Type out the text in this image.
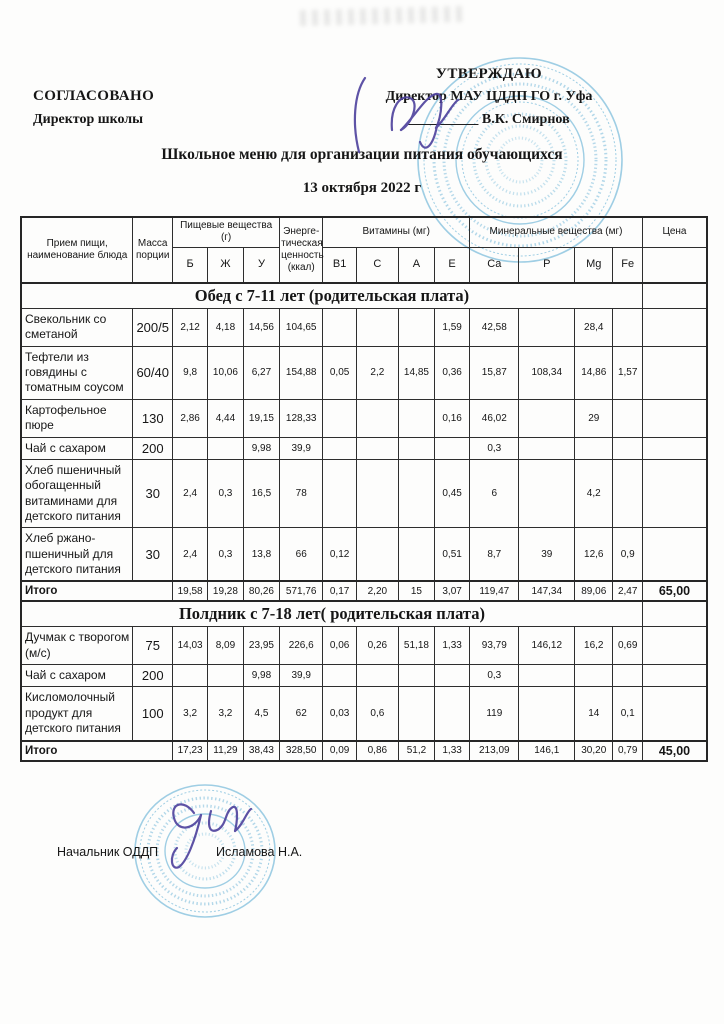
СОГЛАСОВАНО
Директор школы
УТВЕРЖДАЮ
Директор МАУ ЦДДП ГО г. Уфа
__________ В.К. Смирнов
Школьное меню для организации питания обучающихся
13 октября 2022 г
Прием пищи, наименование блюда	Масса порции	Пищевые вещества (г)			Энерге-тическая ценность (ккал)	Витамины (мг)				Минеральные вещества (мг)				Цена
		Б	Ж	У		В1	С	А	Е	Са	Р	Mg	Fe	
Обед с 7-11 лет (родительская плата)														
Свекольник со сметаной	200/5	2,12	4,18	14,56	104,65				1,59	42,58		28,4		
Тефтели из говядины с томатным соусом	60/40	9,8	10,06	6,27	154,88	0,05	2,2	14,85	0,36	15,87	108,34	14,86	1,57	
Картофельное пюре	130	2,86	4,44	19,15	128,33				0,16	46,02		29		
Чай с сахаром	200			9,98	39,9					0,3				
Хлеб пшеничный обогащенный витаминами для детского питания	30	2,4	0,3	16,5	78				0,45	6		4,2		
Хлеб ржано-пшеничный для детского питания	30	2,4	0,3	13,8	66	0,12			0,51	8,7	39	12,6	0,9	
Итого		19,58	19,28	80,26	571,76	0,17	2,20	15	3,07	119,47	147,34	89,06	2,47	65,00
Полдник с 7-18 лет( родительская плата)														
Дучмак с творогом (м/с)	75	14,03	8,09	23,95	226,6	0,06	0,26	51,18	1,33	93,79	146,12	16,2	0,69	
Чай с сахаром	200			9,98	39,9					0,3				
Кисломолочный продукт для детского питания	100	3,2	3,2	4,5	62	0,03	0,6			119		14	0,1	
Итого		17,23	11,29	38,43	328,50	0,09	0,86	51,2	1,33	213,09	146,1	30,20	0,79	45,00
Начальник ОДДП	Исламова Н.А.
